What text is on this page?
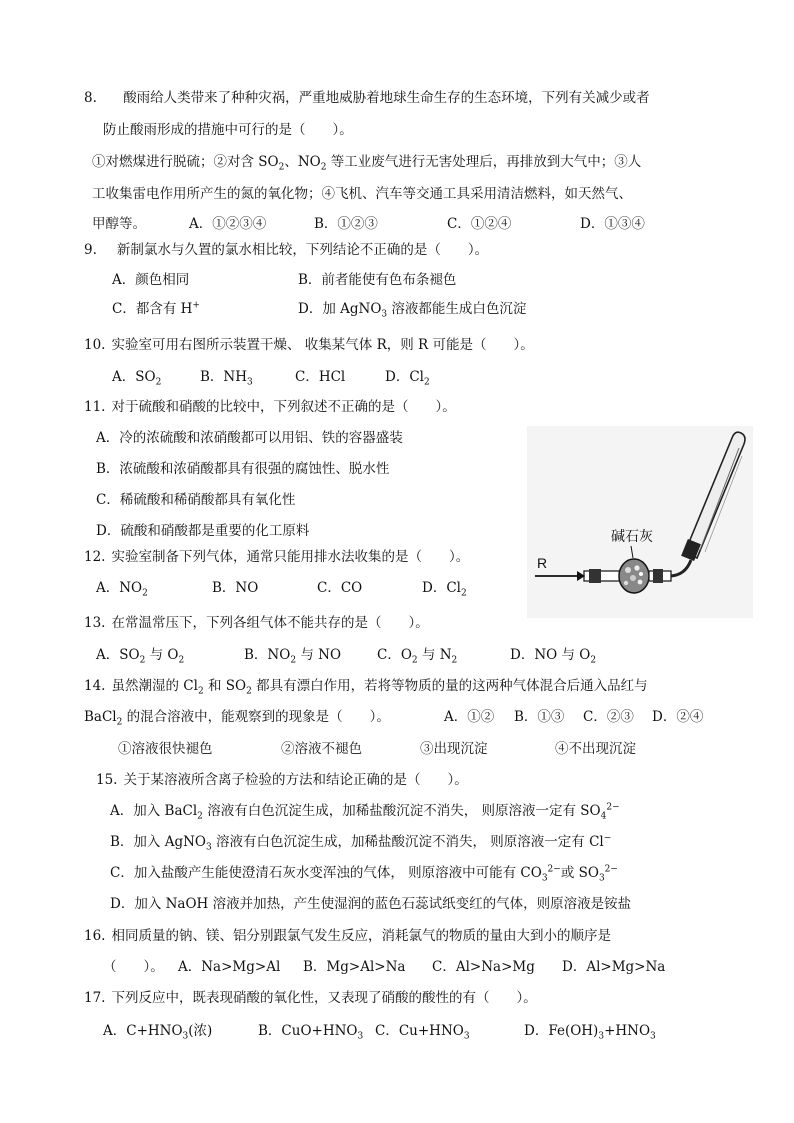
8. 酸雨给人类带来了种种灾祸，严重地威胁着地球生命生存的生态环境，下列有关减少或者
防止酸雨形成的措施中可行的是（　　）。
①对燃煤进行脱硫；②对含 $SO_2$、$NO_2$ 等工业废气进行无害处理后，再排放到大气中；③人
工收集雷电作用所产生的氮的氧化物；④飞机、汽车等交通工具采用清洁燃料，如天然气、
甲醇等。	A．①②③④	B．①②③	C．①②④	D．①③④
9. 新制氯水与久置的氯水相比较，下列结论不正确的是（　　）。
A．颜色相同	B．前者能使有色布条褪色
C．都含有 H+	D．加 AgNO$_3$ 溶液都能生成白色沉淀
10. 实验室可用右图所示装置干燥、 收集某气体 R，则 R 可能是（　　）。
A．$SO_2$	B．$NH_3$	C．HCl	D．$Cl_2$
11. 对于硫酸和硝酸的比较中，下列叙述不正确的是（　　）。
A．冷的浓硫酸和浓硝酸都可以用铝、铁的容器盛装
B．浓硫酸和浓硝酸都具有很强的腐蚀性、脱水性
C．稀硫酸和稀硝酸都具有氧化性
D．硫酸和硝酸都是重要的化工原料
12. 实验室制备下列气体，通常只能用排水法收集的是（　　）。
A．$NO_2$	B．NO	C．CO	D．$Cl_2$
R
碱石灰
13. 在常温常压下，下列各组气体不能共存的是（　　）。
A．$SO_2$ 与 $O_2$	B．$NO_2$ 与 NO	C．$O_2$ 与 $N_2$	D．NO 与 $O_2$
14. 虽然潮湿的 $Cl_2$ 和 $SO_2$ 都具有漂白作用，若将等物质的量的这两种气体混合后通入品红与
BaCl$_2$ 的混合溶液中，能观察到的现象是（　　）。	A．①② B．①③ C．②③ D．②④
①溶液很快褪色	②溶液不褪色	③出现沉淀	④不出现沉淀
15. 关于某溶液所含离子检验的方法和结论正确的是（　　）。
A．加入 BaCl$_2$ 溶液有白色沉淀生成，加稀盐酸沉淀不消失， 则原溶液一定有 $SO_4^{2-}$
B．加入 AgNO$_3$ 溶液有白色沉淀生成，加稀盐酸沉淀不消失， 则原溶液一定有 Cl−
C．加入盐酸产生能使澄清石灰水变浑浊的气体， 则原溶液中可能有 $CO_3^{2-}$或 $SO_3^{2-}$
D．加入 NaOH 溶液并加热，产生使湿润的蓝色石蕊试纸变红的气体，则原溶液是铵盐
16. 相同质量的钠、镁、铝分别跟氯气发生反应，消耗氯气的物质的量由大到小的顺序是
（　　）。 A．Na>Mg>Al B．Mg>Al>Na C．Al>Na>Mg D．Al>Mg>Na
17. 下列反应中，既表现硝酸的氧化性，又表现了硝酸的酸性的有（　　）。
A．$C+HNO_3$(浓)	B．$CuO+HNO_3$ C．$Cu+HNO_3$	D．$Fe(OH)_3+HNO_3$
